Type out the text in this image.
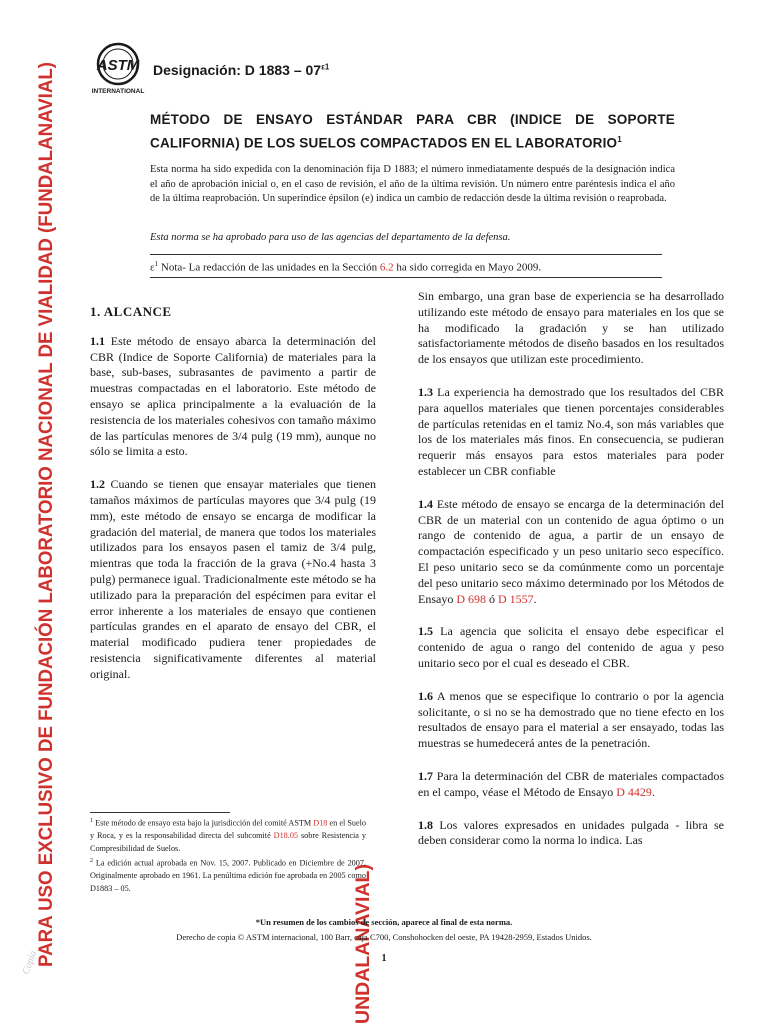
PARA USO EXCLUSIVO DE FUNDACIÓN LABORATORIO NACIONAL DE VIALIDAD (FUNDALANAVIAL)
Copia	UNDALANAVIAL)
ASTM
INTERNATIONAL
Designación: D $1883 - 07^{\varepsilon 1}$
MÉTODO DE ENSAYO ESTÁNDAR PARA CBR (INDICE DE SOPORTE CALIFORNIA) DE LOS SUELOS COMPACTADOS EN EL LABORATORIO$^1$
Esta norma ha sido expedida con la denominación fija D 1883; el número inmediatamente después de la designación indica el año de aprobación inicial o, en el caso de revisión, el año de la última revisión. Un número entre paréntesis indica el año de la última reaprobación. Un superíndice épsilon (e) indica un cambio de redacción desde la última revisión o reaprobada.
Esta norma se ha aprobado para uso de las agencias del departamento de la defensa.
$\varepsilon^1$ Nota- La redacción de las unidades en la Sección 6.2 ha sido corregida en Mayo 2009.
1. ALCANCE

1.1 Este método de ensayo abarca la determinación del CBR (Indice de Soporte California) de materiales para la base, sub-bases, subrasantes de pavimento a partir de muestras compactadas en el laboratorio. Este método de ensayo se aplica principalmente a la evaluación de la resistencia de los materiales cohesivos con tamaño máximo de las partículas menores de 3/4 pulg (19 mm), aunque no sólo se limita a esto.

1.2 Cuando se tienen que ensayar materiales que tienen tamaños máximos de partículas mayores que 3/4 pulg (19 mm), este método de ensayo se encarga de modificar la gradación del material, de manera que todos los materiales utilizados para los ensayos pasen el tamiz de 3/4 pulg, mientras que toda la fracción de la grava (+No.4 hasta 3 pulg) permanece igual. Tradicionalmente este método se ha utilizado para la preparación del espécimen para evitar el error inherente a los materiales de ensayo que contienen partículas grandes en el aparato de ensayo del CBR, el material modificado pudiera tener propiedades de resistencia significativamente diferentes al material original.

Sin embargo, una gran base de experiencia se ha desarrollado utilizando este método de ensayo para materiales en los que se ha modificado la gradación y se han utilizado satisfactoriamente métodos de diseño basados en los resultados de los ensayos que utilizan este procedimiento.

1.3 La experiencia ha demostrado que los resultados del CBR para aquellos materiales que tienen porcentajes considerables de partículas retenidas en el tamiz No.4, son más variables que los de los materiales más finos. En consecuencia, se pudieran requerir más ensayos para estos materiales para poder establecer un CBR confiable

1.4 Este método de ensayo se encarga de la determinación del CBR de un material con un contenido de agua óptimo o un rango de contenido de agua, a partir de un ensayo de compactación especificado y un peso unitario seco específico. El peso unitario seco se da comúnmente como un porcentaje del peso unitario seco máximo determinado por los Métodos de Ensayo D 698 ó D 1557.

1.5 La agencia que solicita el ensayo debe especificar el contenido de agua o rango del contenido de agua y peso unitario seco por el cual es deseado el CBR.

1.6 A menos que se especifique lo contrario o por la agencia solicitante, o si no se ha demostrado que no tiene efecto en los resultados de ensayo para el material a ser ensayado, todas las muestras se humedecerá antes de la penetración.

1.7 Para la determinación del CBR de materiales compactados en el campo, véase el Método de Ensayo D 4429.

1.8 Los valores expresados en unidades pulgada - libra se deben considerar como la norma lo indica. Las

$^1$ Este método de ensayo esta bajo la jurisdicción del comité ASTM D18 en el Suelo y Roca, y es la responsabilidad directa del subcomité D18.05 sobre Resistencia y Compresibilidad de Suelos.
$^2$ La edición actual aprobada en Nov. 15, 2007. Publicado en Diciembre de 2007. Originalmente aprobado en 1961. La penúltima edición fue aprobada en 2005 como D1883 – 05.
*Un resumen de los cambios de sección, aparece al final de esta norma.
Derecho de copia © ASTM internacional, 100 Barr, caja C700, Conshohocken del oeste, PA 19428-2959, Estados Unidos.
1
